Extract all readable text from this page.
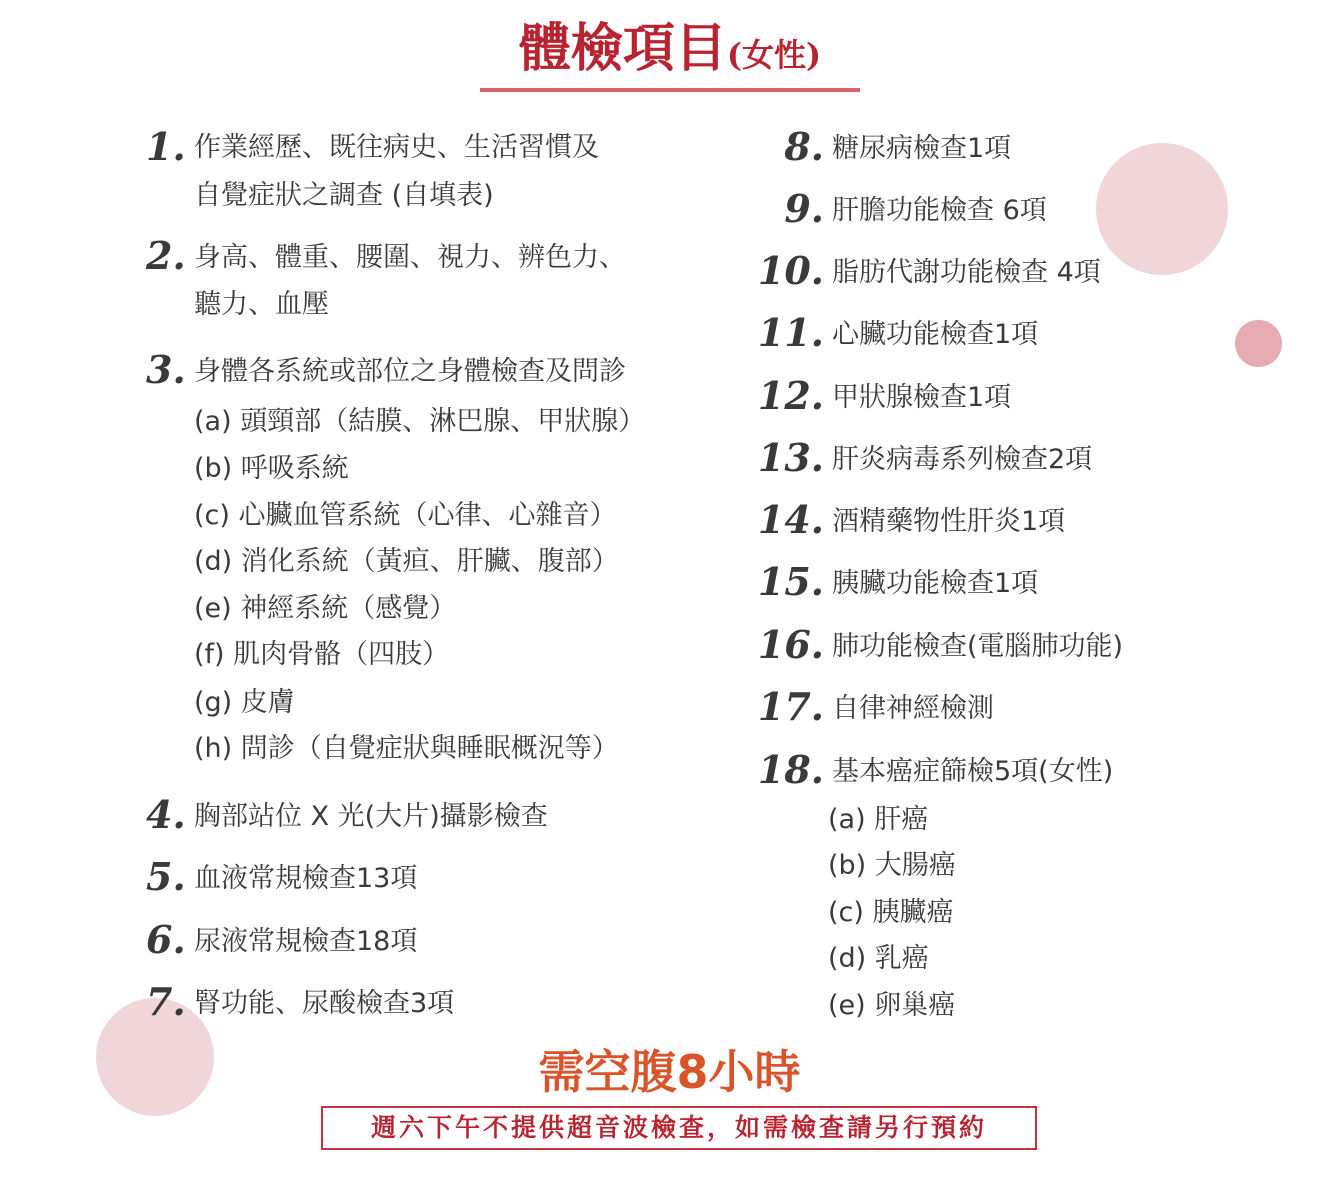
體檢項目(女性)
1. 作業經歷、既往病史、生活習慣及
自覺症狀之調查 (自填表)
2. 身高、體重、腰圍、視力、辨色力、
聽力、血壓
3. 身體各系統或部位之身體檢查及問診
(a) 頭頸部（結膜、淋巴腺、甲狀腺）
(b) 呼吸系統
(c) 心臟血管系統（心律、心雜音）
(d) 消化系統（黃疸、肝臟、腹部）
(e) 神經系統（感覺）
(f) 肌肉骨骼（四肢）
(g) 皮膚
(h) 問診（自覺症狀與睡眠概況等）
4. 胸部站位 X 光(大片)攝影檢查
5. 血液常規檢查13項
6. 尿液常規檢查18項
7. 腎功能、尿酸檢查3項
8. 糖尿病檢查1項
9. 肝膽功能檢查 6項
10. 脂肪代謝功能檢查 4項
11. 心臟功能檢查1項
12. 甲狀腺檢查1項
13. 肝炎病毒系列檢查2項
14. 酒精藥物性肝炎1項
15. 胰臟功能檢查1項
16. 肺功能檢查(電腦肺功能)
17. 自律神經檢測
18. 基本癌症篩檢5項(女性)
(a) 肝癌
(b) 大腸癌
(c) 胰臟癌
(d) 乳癌
(e) 卵巢癌
需空腹8小時
週六下午不提供超音波檢查，如需檢查請另行預約
